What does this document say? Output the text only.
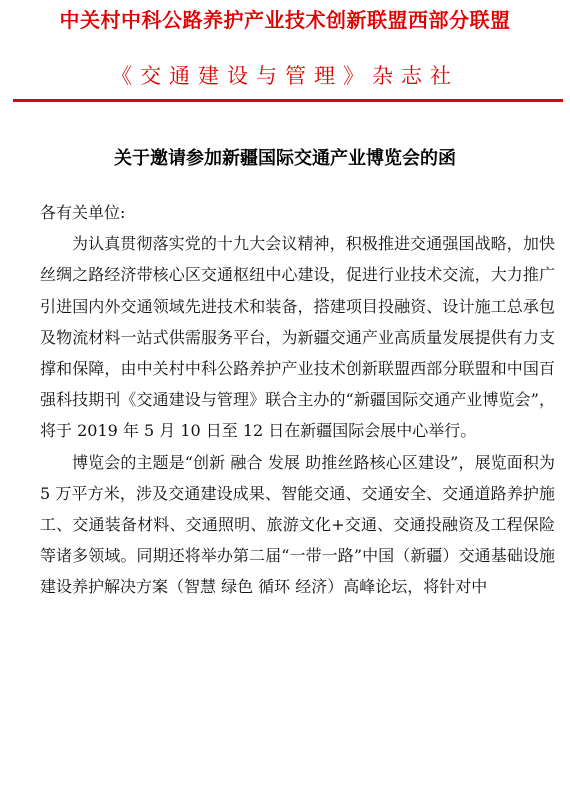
中关村中科公路养护产业技术创新联盟西部分联盟
《交通建设与管理》杂志社
关于邀请参加新疆国际交通产业博览会的函

各有关单位:

为认真贯彻落实党的十九大会议精神，积极推进交通强国战略，加快丝绸之路经济带核心区交通枢纽中心建设，促进行业技术交流，大力推广引进国内外交通领域先进技术和装备，搭建项目投融资、设计施工总承包及物流材料一站式供需服务平台，为新疆交通产业高质量发展提供有力支撑和保障，由中关村中科公路养护产业技术创新联盟西部分联盟和中国百强科技期刊《交通建设与管理》联合主办的“新疆国际交通产业博览会”，将于 2019 年 5 月 10 日至 12 日在新疆国际会展中心举行。

博览会的主题是“创新 融合 发展 助推丝路核心区建设”，展览面积为 5 万平方米，涉及交通建设成果、智能交通、交通安全、交通道路养护施工、交通装备材料、交通照明、旅游文化+交通、交通投融资及工程保险等诸多领域。同期还将举办第二届“一带一路”中国（新疆）交通基础设施建设养护解决方案（智慧 绿色 循环 经济）高峰论坛，将针对中
